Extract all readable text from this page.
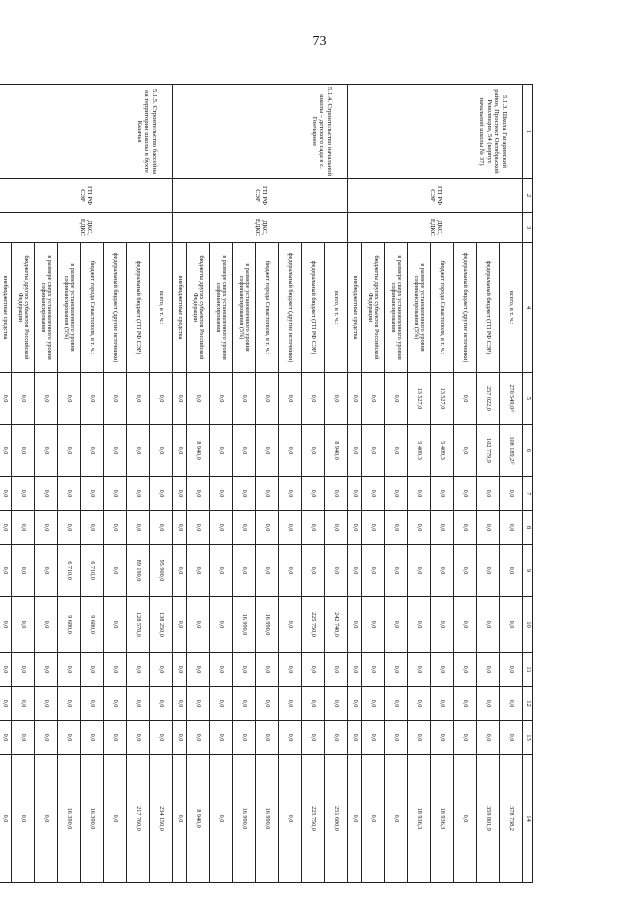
73
1	2	3	4	5	6	7	8	9	10	11	12	13	14
5.1.3. Школа Гагаринский район, Проспект Октябрьской Революции, 54 (корпус начальной школы № 37)	ГП РФ СЭР	ДКС, ЕДКС	всего, в т. ч.:	270 549,0¹⁾	108 189,2²⁾	0,0	0,0	0,0	0,0	0,0	0,0	0,0	378 738,2
			федеральный бюджет (ГП РФ СЭР)	257 022,0	102 779,9	0,0	0,0	0,0	0,0	0,0	0,0	0,0	359 801,9
			федеральный бюджет (другие источники)	0,0	0,0	0,0	0,0	0,0	0,0	0,0	0,0	0,0	0,0
			бюджет города Севастополя, в т. ч.:	13 527,0	5 409,3	0,0	0,0	0,0	0,0	0,0	0,0	0,0	18 936,3
			в размере установленного уровня софинансирования (5%)	13 527,0	5 409,3	0,0	0,0	0,0	0,0	0,0	0,0	0,0	18 936,3
			в размере сверх установленного уровня софинансирования	0,0	0,0	0,0	0,0	0,0	0,0	0,0	0,0	0,0	0,0
			бюджеты других субъектов Российской Федерации	0,0	0,0	0,0	0,0	0,0	0,0	0,0	0,0	0,0	0,0
			внебюджетные средства	0,0	0,0	0,0	0,0	0,0	0,0	0,0	0,0	0,0	0,0
5.1.4. Строительство начальной школы – детского сада в с. Гончарное	ГП РФ СЭР	ДКС, ЕДКС	всего, в т. ч.:	0,0	8 940,0	0,0	0,0	0,0	242 740,0	0,0	0,0	0,0	251 680,0
			федеральный бюджет (ГП РФ СЭР)	0,0	0,0	0,0	0,0	0,0	225 750,0	0,0	0,0	0,0	225 750,0
			федеральный бюджет (другие источники)	0,0	0,0	0,0	0,0	0,0	0,0	0,0	0,0	0,0	0,0
			бюджет города Севастополя, в т. ч.:	0,0	0,0	0,0	0,0	0,0	16 990,0	0,0	0,0	0,0	16 990,0
			в размере установленного уровня софинансирования (5%)	0,0	0,0	0,0	0,0	0,0	16 990,0	0,0	0,0	0,0	16 990,0
			в размере сверх установленного уровня софинансирования	0,0	0,0	0,0	0,0	0,0	0,0	0,0	0,0	0,0	0,0
			бюджеты других субъектов Российской Федерации	0,0	8 940,0	0,0	0,0	0,0	0,0	0,0	0,0	0,0	8 940,0
			внебюджетные средства	0,0	0,0	0,0	0,0	0,0	0,0	0,0	0,0	0,0	0,0
5.1.5. Строительство бассейна на территории школы в бухте Казачья	ГП РФ СЭР	ДКС, ЕДКС	всего, в т. ч.:	0,0	0,0	0,0	0,0	95 900,0	138 250,0	0,0	0,0	0,0	234 150,0
			федеральный бюджет (ГП РФ СЭР)	0,0	0,0	0,0	0,0	89 190,0	128 570,0	0,0	0,0	0,0	217 760,0
			федеральный бюджет (другие источники)	0,0	0,0	0,0	0,0	0,0	0,0	0,0	0,0	0,0	0,0
			бюджет города Севастополя, в т. ч.:	0,0	0,0	0,0	0,0	6 710,0	9 680,0	0,0	0,0	0,0	16 390,0
			в размере установленного уровня софинансирования (5%)	0,0	0,0	0,0	0,0	6 710,0	9 680,0	0,0	0,0	0,0	16 390,0
			в размере сверх установленного уровня софинансирования	0,0	0,0	0,0	0,0	0,0	0,0	0,0	0,0	0,0	0,0
			бюджеты других субъектов Российской Федерации	0,0	0,0	0,0	0,0	0,0	0,0	0,0	0,0	0,0	0,0
			внебюджетные средства	0,0	0,0	0,0	0,0	0,0	0,0	0,0	0,0	0,0	0,0
